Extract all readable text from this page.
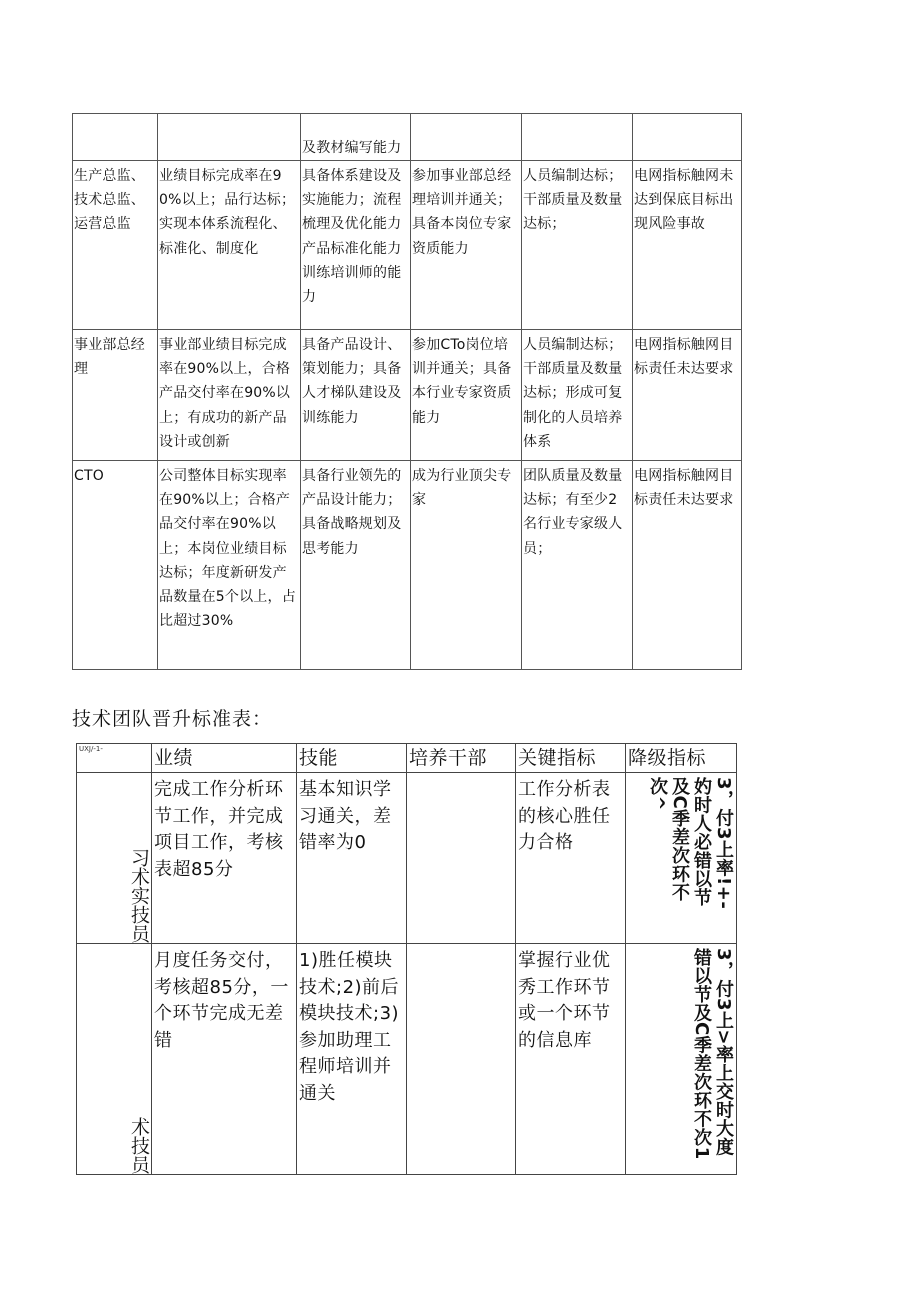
		及教材编写能力			
生产总监、技术总监、运营总监	业绩目标完成率在90%以上；品行达标；实现本体系流程化、标准化、制度化	具备体系建设及实施能力；流程梳理及优化能力产品标准化能力训练培训师的能力	参加事业部总经理培训并通关；具备本岗位专家资质能力	人员编制达标；干部质量及数量达标；	电网指标触网未达到保底目标出现风险事故
事业部总经理	事业部业绩目标完成率在90%以上，合格产品交付率在90%以上；有成功的新产品设计或创新	具备产品设计、策划能力；具备人才梯队建设及训练能力	参加CTo岗位培训并通关；具备本行业专家资质能力	人员编制达标；干部质量及数量达标；形成可复制化的人员培养体系	电网指标触网目标责任未达要求
CTO	公司整体目标实现率在90%以上；合格产品交付率在90%以上；本岗位业绩目标达标；年度新研发产品数量在5个以上，占比超过30%	具备行业领先的产品设计能力；具备战略规划及思考能力	成为行业顶尖专家	团队质量及数量达标；有至少2名行业专家级人员；	电网指标触网目标责任未达要求
技术团队晋升标准表：
UXJ/-1-	业绩	技能	培养干部	关键指标	降级指标

习术实技员	完成工作分析环节工作，并完成项目工作，考核表超85分	基本知识学习通关，差错率为0		工作分析表的核心胜任力合格	3，付3上率!+-妁时人必错以节及C季差次环不次^

术技员	月度任务交付，考核超85分，一个环节完成无差错	1)胜任模块技术;2)前后模块技术;3)参加助理工程师培训并通关		掌握行业优秀工作环节或一个环节的信息库	3，付3上>率上交时大度错以节及C季差次环不次1
